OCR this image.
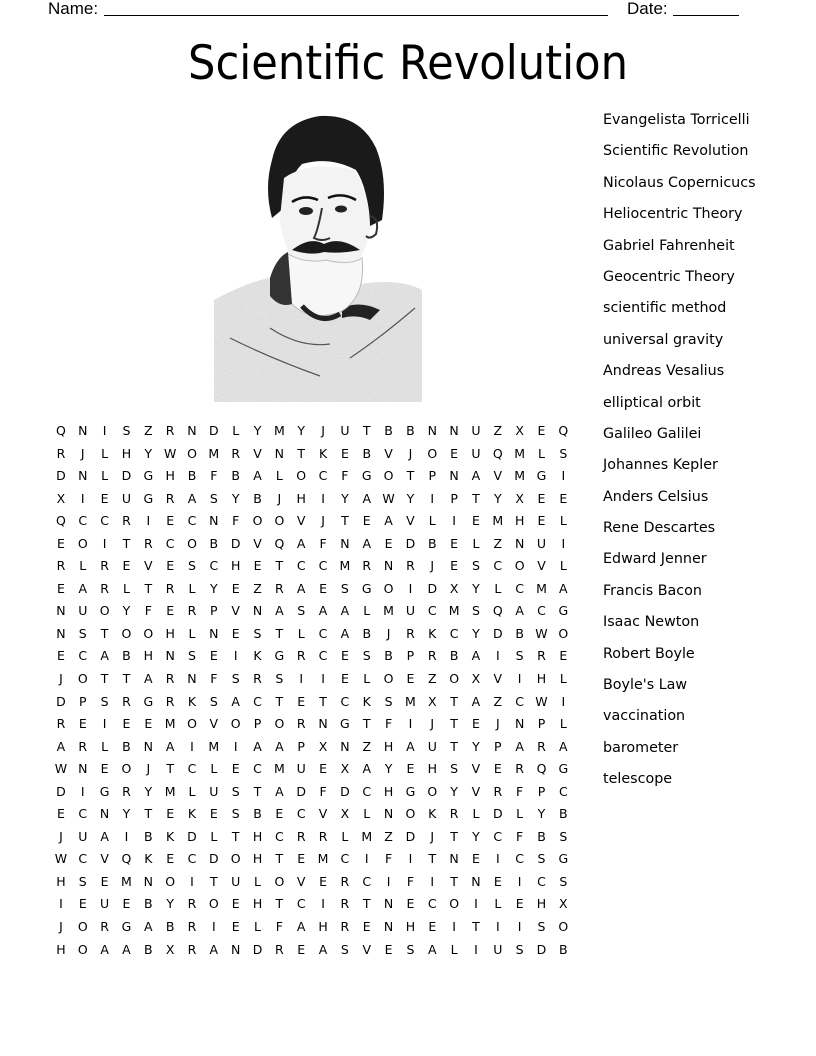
Name:	Date:
Scientific Revolution
Q N	I	S	Z	R	N D	L	Y	M	Y	J	U	T	B	B	N N	U	Z	X	E	Q
R	J	L	H	Y W O M R	V	N	T	K	E	B	V	J	O	E	U Q M	L	S
D N	L	D G H	B	F	B	A	L	O	C	F	G O	T	P	N	A	V M G	I
X	I	E	U G	R	A	S	Y	B	J	H	I	Y	A W Y	I	P	T	Y	X	E	E
Q	C	C	R	I	E	C	N	F	O O	V	J	T	E	A	V	L	I	E M H	E	L
E	O	I	T	R	C	O	B	D	V	Q	A	F	N	A	E	D	B	E	L	Z	N	U	I
R	L	R	E	V	E	S	C	H	E	T	C	C M R	N	R	J	E	S	C	O	V	L
E	A	R	L	T	R	L	Y	E	Z	R	A	E	S	G O	I	D	X	Y	L	C M A
N	U O	Y	F	E	R	P	V	N	A	S	A	A	L	M U	C M S	Q	A	C	G
N	S	T	O O H	L	N	E	S	T	L	C	A	B	J	R	K	C	Y	D	B W O
E	C	A	B	H N	S	E	I	K	G	R	C	E	S	B	P	R	B	A	I	S	R	E
J	O	T	T	A	R	N	F	S	R	S	I	I	E	L	O	E	Z	O	X	V	I	H	L
D	P	S	R	G	R	K	S	A	C	T	E	T	C	K	S M X	T	A	Z	C W	I
R	E	I	E	E M O	V	O	P	O	R	N G	T	F	I	J	T	E	J	N	P	L
A	R	L	B	N	A	I	M	I	A	A	P	X	N	Z	H	A	U	T	Y	P	A	R	A
W N	E	O	J	T	C	L	E	C M U	E	X	A	Y	E	H	S	V	E	R	Q G
D	I	G	R	Y	M	L	U	S	T	A	D	F	D	C	H G O	Y	V	R	F	P	C
E	C	N	Y	T	E	K	E	S	B	E	C	V	X	L	N O	K	R	L	D	L	Y	B
J	U	A	I	B	K	D	L	T	H	C	R	R	L	M Z	D	J	T	Y	C	F	B	S
W C	V	Q	K	E	C	D O H	T	E M C	I	F	I	T	N	E	I	C	S	G
H	S	E M N O	I	T	U	L	O	V	E	R	C	I	F	I	T	N	E	I	C	S
I	E	U	E	B	Y	R	O	E	H	T	C	I	R	T	N	E	C	O	I	L	E	H	X
J	O	R	G	A	B	R	I	E	L	F	A	H	R	E	N H	E	I	T	I	I	S	O
H O	A	A	B	X	R	A	N D	R	E	A	S	V	E	S	A	L	I	U	S	D	B
Evangelista Torricelli
Scientific Revolution
Nicolaus Copernicucs
Heliocentric Theory
Gabriel Fahrenheit
Geocentric Theory
scientific method
universal gravity
Andreas Vesalius
elliptical orbit
Galileo Galilei
Johannes Kepler
Anders Celsius
Rene Descartes
Edward Jenner
Francis Bacon
Isaac Newton
Robert Boyle
Boyle's Law
vaccination
barometer
telescope
